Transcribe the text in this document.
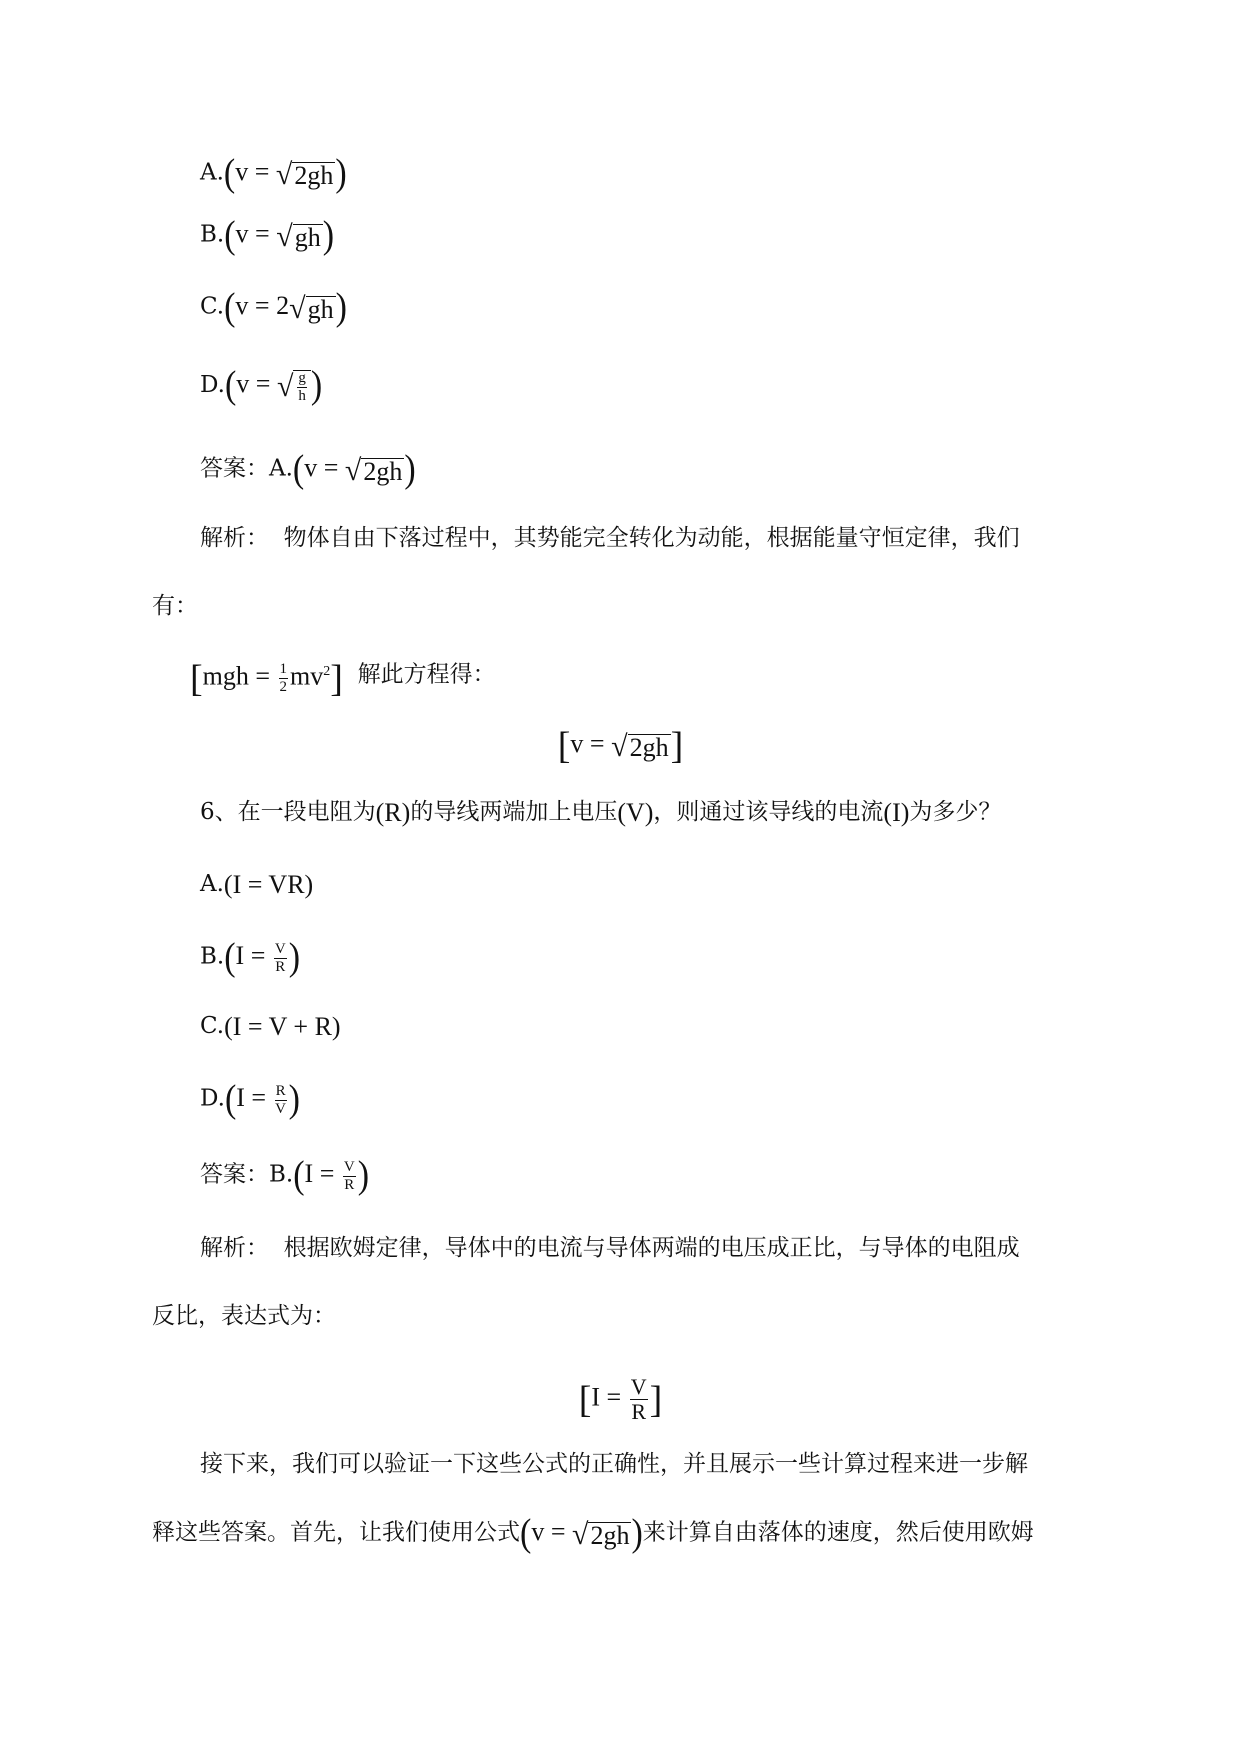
A.(v = √2gh)
B.(v = √gh)
C.(v = 2√gh)
D.(v = √ $\frac{g}{h}$ )
答案：A.(v = √2gh)
解析： 物体自由下落过程中，其势能完全转化为动能，根据能量守恒定律，我们
有：
$[mgh = \frac{1}{2} mv^2]$ 解此方程得：
[v = √2gh]
6、在一段电阻为(R)的导线两端加上电压(V)，则通过该导线的电流(I)为多少？
A.(I = VR)
$B.(I = \frac{V}{R}$ )
C.(I = V + R)
$D.(I = \frac{R}{V}$ )
答案：$B.(I = \frac{V}{R}$ )
解析： 根据欧姆定律，导体中的电流与导体两端的电压成正比，与导体的电阻成
反比，表达式为：
[$I = \frac{V}{R}$ ]
接下来，我们可以验证一下这些公式的正确性，并且展示一些计算过程来进一步解
释这些答案。首先，让我们使用公式(v = √2gh)来计算自由落体的速度，然后使用欧姆
